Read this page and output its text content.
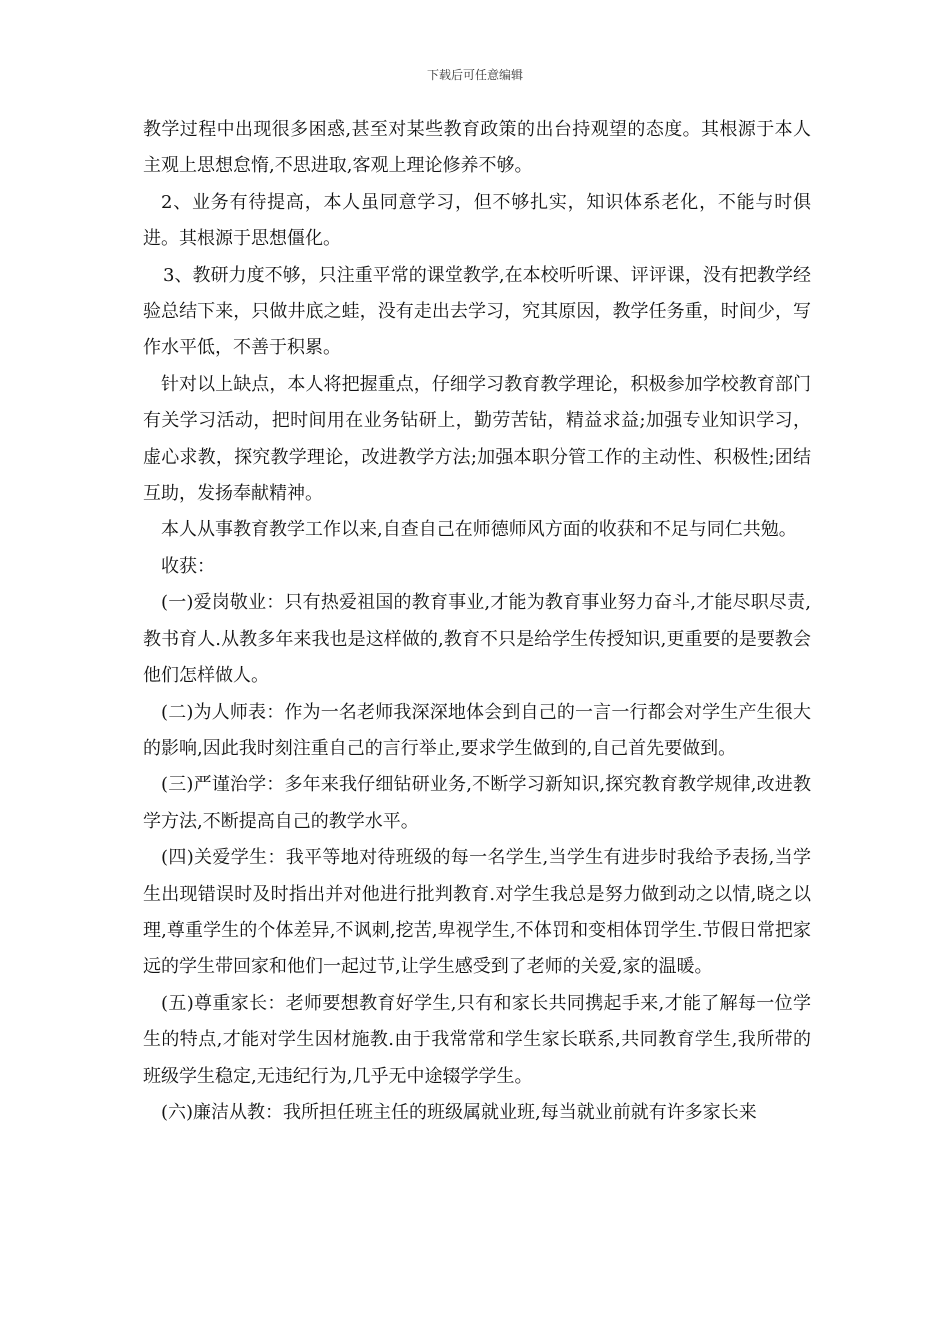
下载后可任意编辑

教学过程中出现很多困惑,甚至对某些教育政策的出台持观望的态度。其根源于本人主观上思想怠惰,不思进取,客观上理论修养不够。

2、业务有待提高，本人虽同意学习，但不够扎实，知识体系老化，不能与时俱进。其根源于思想僵化。

3、教研力度不够，只注重平常的课堂教学,在本校听听课、评评课，没有把教学经验总结下来，只做井底之蛙，没有走出去学习，究其原因，教学任务重，时间少，写作水平低，不善于积累。

针对以上缺点，本人将把握重点，仔细学习教育教学理论，积极参加学校教育部门有关学习活动，把时间用在业务钻研上，勤劳苦钻，精益求益;加强专业知识学习，虚心求教，探究教学理论，改进教学方法;加强本职分管工作的主动性、积极性;团结互助，发扬奉献精神。

本人从事教育教学工作以来,自查自己在师德师风方面的收获和不足与同仁共勉。

收获：

(一)爱岗敬业：只有热爱祖国的教育事业,才能为教育事业努力奋斗,才能尽职尽责,教书育人.从教多年来我也是这样做的,教育不只是给学生传授知识,更重要的是要教会他们怎样做人。

(二)为人师表：作为一名老师我深深地体会到自己的一言一行都会对学生产生很大的影响,因此我时刻注重自己的言行举止,要求学生做到的,自己首先要做到。

(三)严谨治学：多年来我仔细钻研业务,不断学习新知识,探究教育教学规律,改进教学方法,不断提高自己的教学水平。

(四)关爱学生：我平等地对待班级的每一名学生,当学生有进步时我给予表扬,当学生出现错误时及时指出并对他进行批判教育.对学生我总是努力做到动之以情,晓之以理,尊重学生的个体差异,不讽刺,挖苦,卑视学生,不体罚和变相体罚学生.节假日常把家远的学生带回家和他们一起过节,让学生感受到了老师的关爱,家的温暖。

(五)尊重家长：老师要想教育好学生,只有和家长共同携起手来,才能了解每一位学生的特点,才能对学生因材施教.由于我常常和学生家长联系,共同教育学生,我所带的班级学生稳定,无违纪行为,几乎无中途辍学学生。

(六)廉洁从教：我所担任班主任的班级属就业班,每当就业前就有许多家长来
